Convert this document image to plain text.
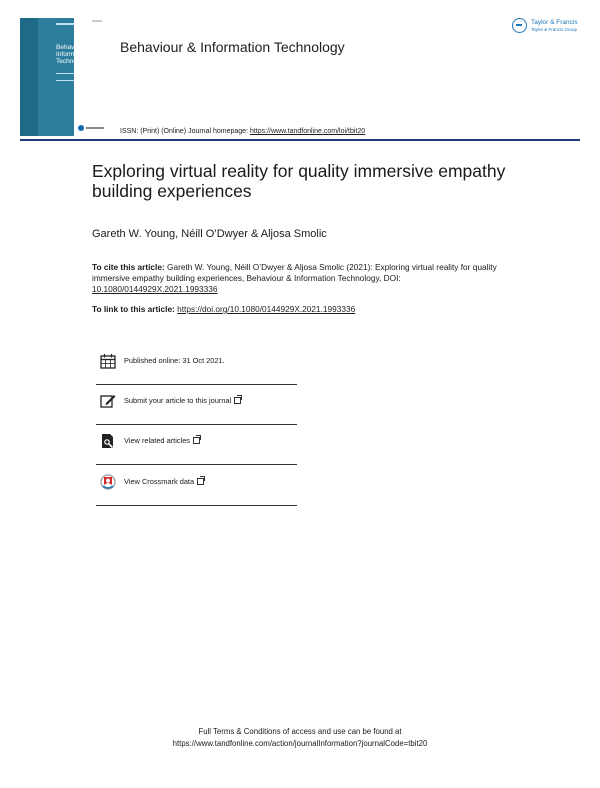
Behaviour & Information Technology
Behaviour & Information Technology
Taylor & Francis
Taylor & Francis Group
ISSN: (Print) (Online) Journal homepage: https://www.tandfonline.com/loi/tbit20
Exploring virtual reality for quality immersive empathy building experiences
Gareth W. Young, Néill O’Dwyer & Aljosa Smolic
To cite this article: Gareth W. Young, Néill O’Dwyer & Aljosa Smolic (2021): Exploring virtual reality for quality immersive empathy building experiences, Behaviour & Information Technology, DOI: 10.1080/0144929X.2021.1993336
To link to this article: https://doi.org/10.1080/0144929X.2021.1993336
Published online: 31 Oct 2021.
Submit your article to this journal
View related articles
View Crossmark data
Full Terms & Conditions of access and use can be found at
https://www.tandfonline.com/action/journalInformation?journalCode=tbit20
